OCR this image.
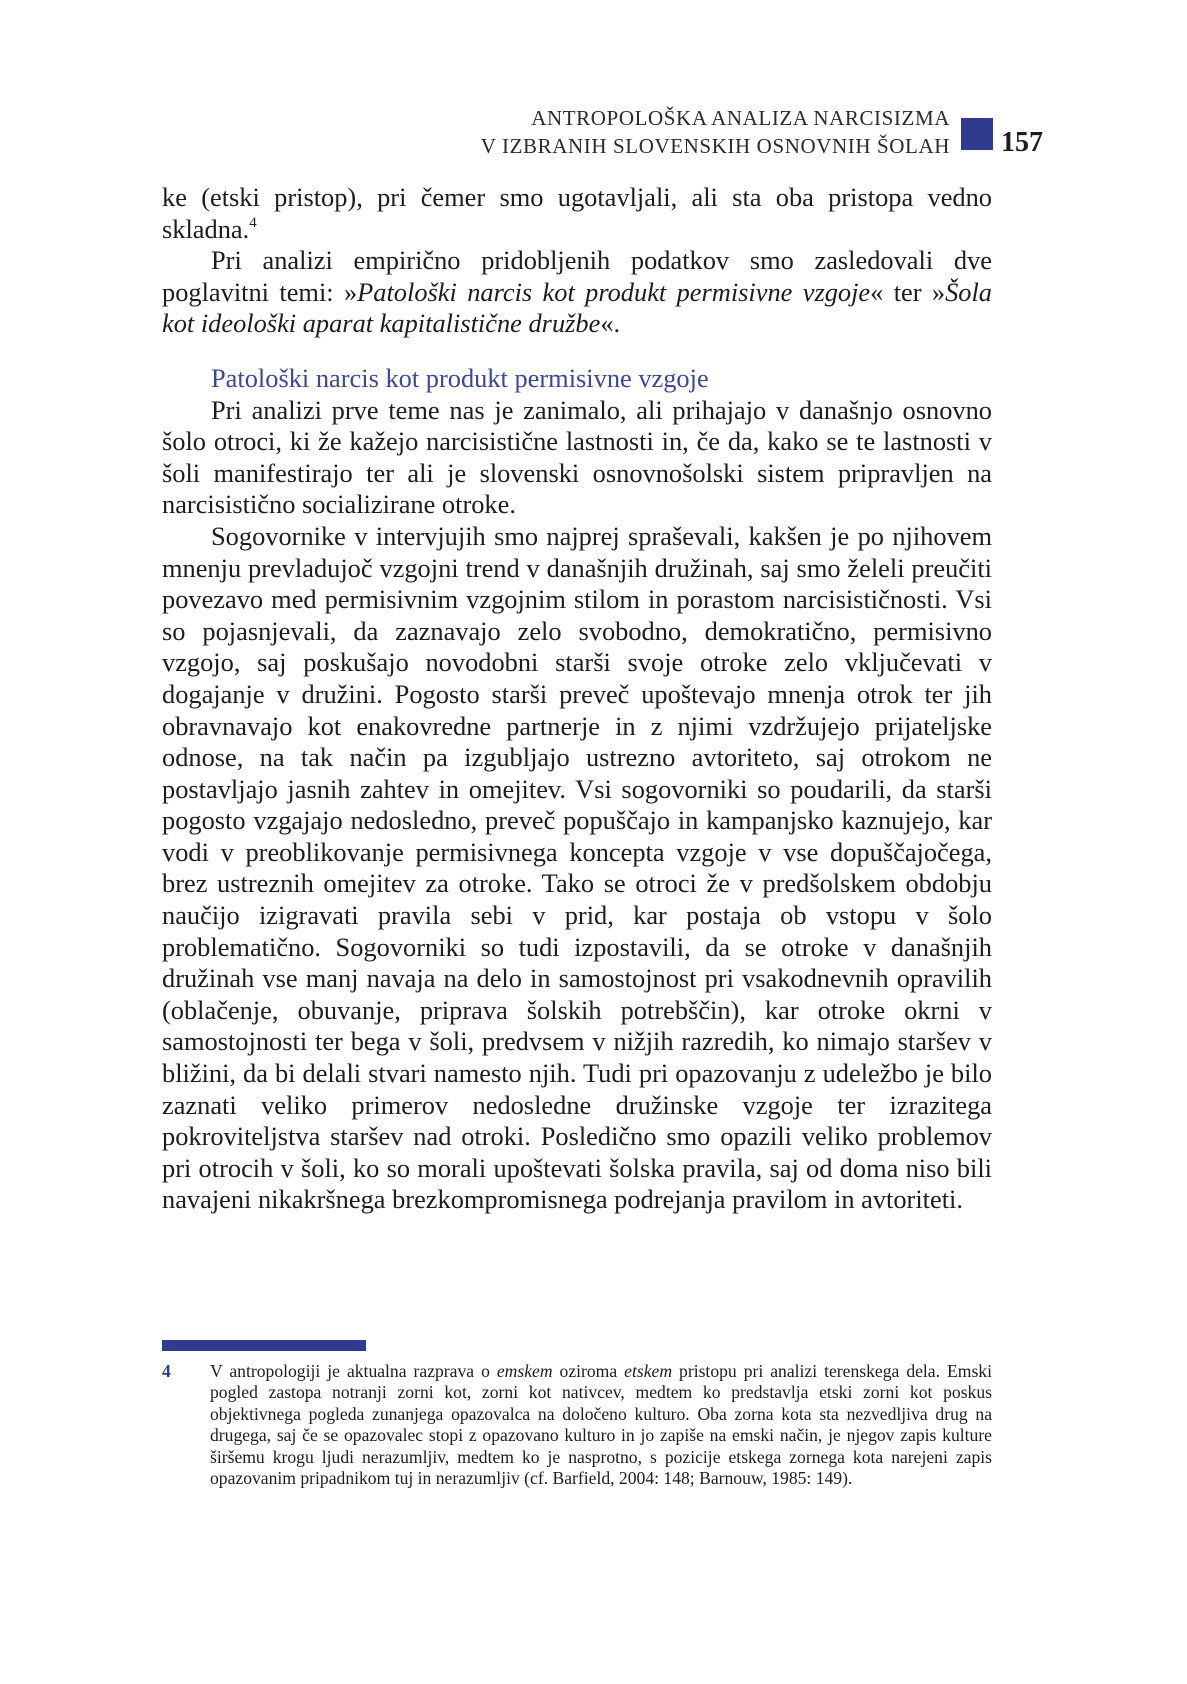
ANTROPOLOŠKA ANALIZA NARCISIZMA
V IZBRANIH SLOVENSKIH OSNOVNIH ŠOLAH 157

ke (etski pristop), pri čemer smo ugotavljali, ali sta oba pristopa vedno skladna.$^4$

Pri analizi empirično pridobljenih podatkov smo zasledovali dve poglavitni temi: »Patološki narcis kot produkt permisivne vzgoje« ter »Šola kot ideološki aparat kapitalistične družbe«.

Patološki narcis kot produkt permisivne vzgoje

Pri analizi prve teme nas je zanimalo, ali prihajajo v današnjo osnovno šolo otroci, ki že kažejo narcisistične lastnosti in, če da, kako se te lastnosti v šoli manifestirajo ter ali je slovenski osnovnošolski sistem pripravljen na narcisistično socializirane otroke.

Sogovornike v intervjujih smo najprej spraševali, kakšen je po njihovem mnenju prevladujoč vzgojni trend v današnjih družinah, saj smo želeli preučiti povezavo med permisivnim vzgojnim stilom in porastom narcisističnosti. Vsi so pojasnjevali, da zaznavajo zelo svobodno, demokratično, permisivno vzgojo, saj poskušajo novodobni starši svoje otroke zelo vključevati v dogajanje v družini. Pogosto starši preveč upoštevajo mnenja otrok ter jih obravnavajo kot enakovredne partnerje in z njimi vzdržujejo prijateljske odnose, na tak način pa izgubljajo ustrezno avtoriteto, saj otrokom ne postavljajo jasnih zahtev in omejitev. Vsi sogovorniki so poudarili, da starši pogosto vzgajajo nedosledno, preveč popuščajo in kampanjsko kaznujejo, kar vodi v preoblikovanje permisivnega koncepta vzgoje v vse dopuščajočega, brez ustreznih omejitev za otroke. Tako se otroci že v predšolskem obdobju naučijo izigravati pravila sebi v prid, kar postaja ob vstopu v šolo problematično. Sogovorniki so tudi izpostavili, da se otroke v današnjih družinah vse manj navaja na delo in samostojnost pri vsakodnevnih opravilih (oblačenje, obuvanje, priprava šolskih potrebščin), kar otroke okrni v samostojnosti ter bega v šoli, predvsem v nižjih razredih, ko nimajo staršev v bližini, da bi delali stvari namesto njih. Tudi pri opazovanju z udeležbo je bilo zaznati veliko primerov nedosledne družinske vzgoje ter izrazitega pokroviteljstva staršev nad otroki. Posledično smo opazili veliko problemov pri otrocih v šoli, ko so morali upoštevati šolska pravila, saj od doma niso bili navajeni nikakršnega brezkompromisnega podrejanja pravilom in avtoriteti.

4 V antropologiji je aktualna razprava o emskem oziroma etskem pristopu pri analizi terenskega dela. Emski pogled zastopa notranji zorni kot, zorni kot nativcev, medtem ko predstavlja etski zorni kot poskus objektivnega pogleda zunanjega opazovalca na določeno kulturo. Oba zorna kota sta nezvedljiva drug na drugega, saj če se opazovalec stopi z opazovano kulturo in jo zapiše na emski način, je njegov zapis kulture širšemu krogu ljudi nerazumljiv, medtem ko je nasprotno, s pozicije etskega zornega kota narejeni zapis opazovanim pripadnikom tuj in nerazumljiv (cf. Barfield, 2004: 148; Barnouw, 1985: 149).
